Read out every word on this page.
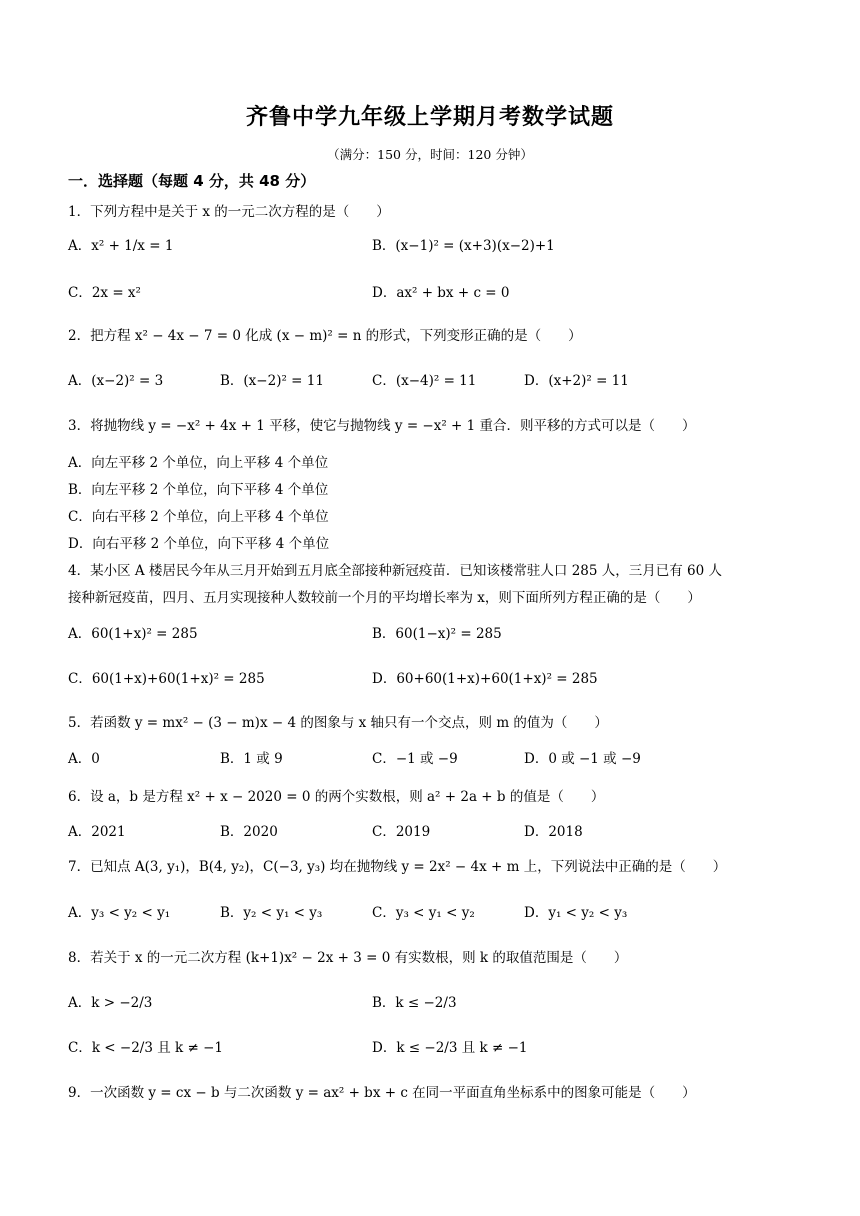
齐鲁中学九年级上学期月考数学试题
（满分：150 分，时间：120 分钟）
一．选择题（每题 4 分，共 48 分）
1．下列方程中是关于 x 的一元二次方程的是（　　）
A．x² + 1/x = 1	B．(x−1)² = (x+3)(x−2)+1
C．2x = x²	D．ax² + bx + c = 0
2．把方程 x² − 4x − 7 = 0 化成 (x − m)² = n 的形式，下列变形正确的是（　　）
A．(x−2)² = 3	B．(x−2)² = 11	C．(x−4)² = 11	D．(x+2)² = 11
3．将抛物线 y = −x² + 4x + 1 平移，使它与抛物线 y = −x² + 1 重合．则平移的方式可以是（　　）
A．向左平移 2 个单位，向上平移 4 个单位
B．向左平移 2 个单位，向下平移 4 个单位
C．向右平移 2 个单位，向上平移 4 个单位
D．向右平移 2 个单位，向下平移 4 个单位
4．某小区 A 楼居民今年从三月开始到五月底全部接种新冠疫苗．已知该楼常驻人口 285 人，三月已有 60 人
接种新冠疫苗，四月、五月实现接种人数较前一个月的平均增长率为 x，则下面所列方程正确的是（　　）
A．60(1+x)² = 285	B．60(1−x)² = 285
C．60(1+x)+60(1+x)² = 285	D．60+60(1+x)+60(1+x)² = 285
5．若函数 y = mx² − (3 − m)x − 4 的图象与 x 轴只有一个交点，则 m 的值为（　　）
A．0	B．1 或 9	C．−1 或 −9	D．0 或 −1 或 −9
6．设 a，b 是方程 x² + x − 2020 = 0 的两个实数根，则 a² + 2a + b 的值是（　　）
A．2021	B．2020	C．2019	D．2018
7．已知点 A(3, y₁)，B(4, y₂)，C(−3, y₃) 均在抛物线 y = 2x² − 4x + m 上，下列说法中正确的是（　　）
A．y₃ < y₂ < y₁	B．y₂ < y₁ < y₃	C．y₃ < y₁ < y₂	D．y₁ < y₂ < y₃
8．若关于 x 的一元二次方程 (k+1)x² − 2x + 3 = 0 有实数根，则 k 的取值范围是（　　）
A．k > −2/3	B．k ≤ −2/3
C．k < −2/3 且 k ≠ −1	D．k ≤ −2/3 且 k ≠ −1
9．一次函数 y = cx − b 与二次函数 y = ax² + bx + c 在同一平面直角坐标系中的图象可能是（　　）
